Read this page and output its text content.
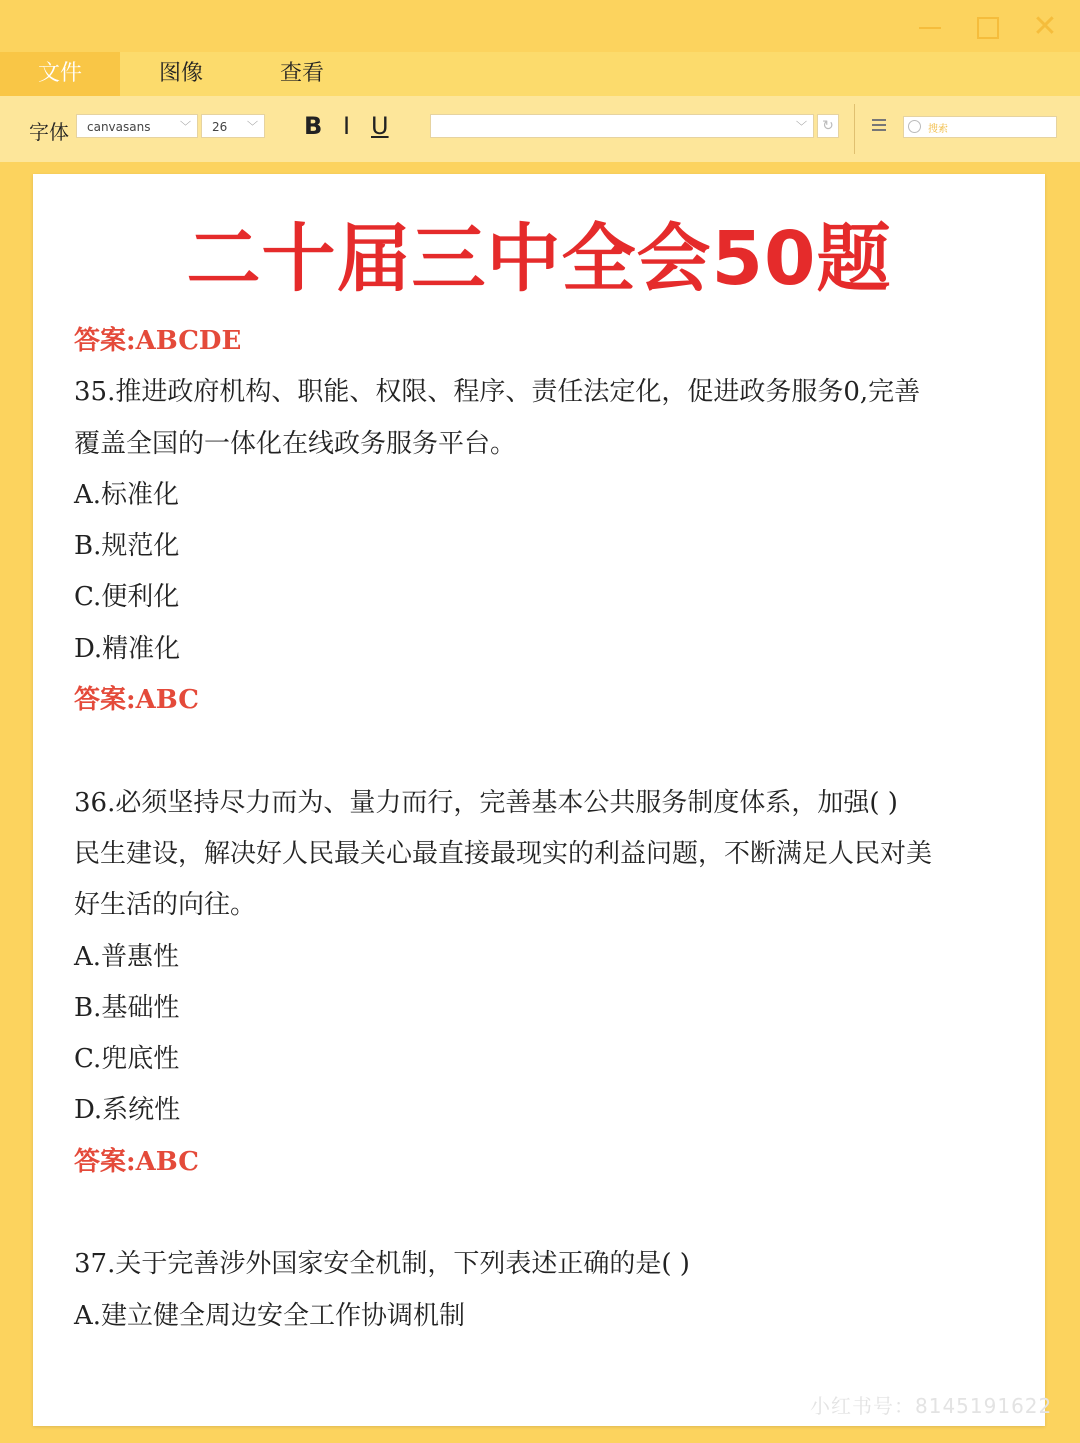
✕
文件	图像	查看
字体	canvasans	﹀	26 ﹀ B I U	﹀	↻	搜索
二十届三中全会50题
答案:ABCDE
35.推进政府机构、职能、权限、程序、责任法定化，促进政务服务0,完善
覆盖全国的一体化在线政务服务平台。
A.标准化
B.规范化
C.便利化
D.精准化
答案:ABC
36.必须坚持尽力而为、量力而行，完善基本公共服务制度体系，加强( )
民生建设，解决好人民最关心最直接最现实的利益问题，不断满足人民对美
好生活的向往。
A.普惠性
B.基础性
C.兜底性
D.系统性
答案:ABC
37.关于完善涉外国家安全机制，下列表述正确的是( )
A.建立健全周边安全工作协调机制
小红书号：8145191622
